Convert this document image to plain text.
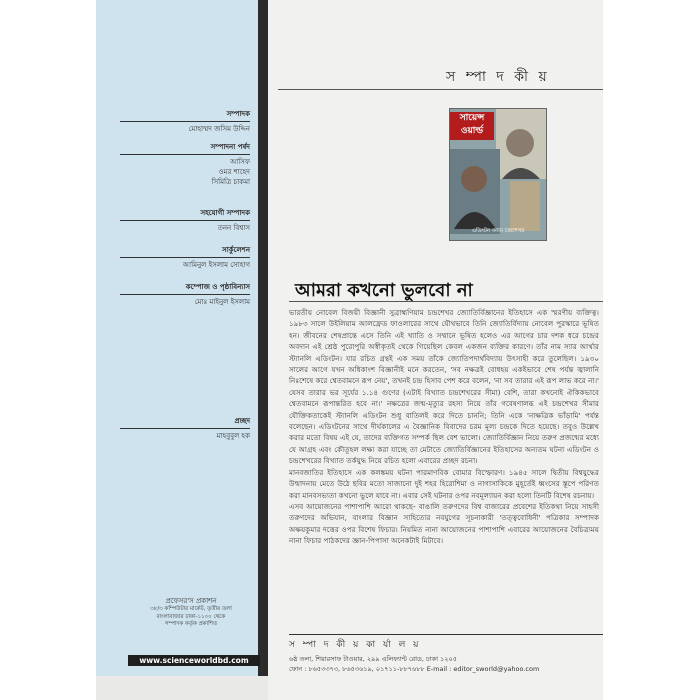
সম্পাদক
মোহাম্মদ জসিম উদ্দিন
সম্পাদনা পর্ষদ
আসিফ
ওমর শাহেদ
সিমিত্রি চাকমা
সহযোগী সম্পাদক
তনন বিশ্বাস
সার্কুলেশন
আমিনুল ইসলাম সোহাগ
কম্পোজ ও পৃষ্ঠাবিন্যাস
মোঃ মাইনুল ইসলাম
প্রচ্ছদ
মাহবুবুল হক
প্রফেসর'স প্রকাশন
৩৮/৩ কম্পিউটার মার্কেট, তৃতীয় তলা
বাংলাবাজার ঢাকা-১১০০ থেকে
সম্পাদক কর্তৃক প্রকাশিত
www.scienceworldbd.com
স ম্পা দ কী য়
সায়েন্স
ওয়ার্ল্ড
এডিংটন বনাম চন্দ্রশেখর
আমরা কখনো ভুলবো না

ভারতীয় নোবেল বিজয়ী বিজ্ঞানী সুব্রাহ্মণিয়াম চন্দ্রশেখর জ্যোতির্বিজ্ঞানের ইতিহাসে এক স্মরণীয় ব্যক্তিত্ব। ১৯৮৩ সালে উইলিয়াম আলফ্রেড ফাওলারের সাথে যৌথভাবে তিনি জ্যোতির্বিদ্যায় নোবেল পুরস্কারে ভূষিত হন। জীবনের শেষপ্রান্তে এসে তিনি এই খ্যাতি ও সম্মানে ভূষিত হলেও এর আগের চার দশক ধরে চন্দ্রের অবদান এই শ্রেষ্ঠ পুরোপুরি অস্বীকৃতই থেকে গিয়েছিল কেবল একজন ব্যক্তির কারণে। তাঁর নাম স্যার আর্থার স্ট্যানলি এডিংটন। যার রচিত গ্রন্থই এক সময় তাঁকে জ্যোতিপদার্থবিদ্যায় উৎসাহী করে তুলেছিল। ১৯৩০ সালের আগে যখন অধিকাংশ বিজ্ঞানীই মনে করতেন, 'সব নক্ষত্রই বোধহয় একইভাবে শেষ পর্যন্ত জ্বালানি নিঃশেষে করে শ্বেতবামনে রূপ নেয়', তখনই চন্দ্র হিসাব পেশ করে বলেন, 'না সব তারার এই রূপ লাভ করে না।' যেসব তারার ভর সূর্যের ১.১৪ গুণের (এটাই বিখ্যাত চন্দ্রশেখরের সীমা) বেশি, তারা কখনোই ঐকিকভাবে শ্বেতবামনে রূপান্তরিত হবে না।' নক্ষত্রের জন্ম-মৃত্যুর রহস্য নিয়ে তাঁর গবেষণালব্ধ এই চন্দ্রশেখর সীমার যৌক্তিকতাকেই স্ট্যানলি এডিংটন শুধু বাতিলই করে দিতে চাননি; তিনি একে 'নাক্ষত্রিক ভাঁড়ামি' পর্যন্ত বলেছেন। এডিংটনের সাথে দীর্ঘকালের এ বৈজ্ঞানিক বিবাদের চরম মূল্য চন্দ্রকে দিতে হয়েছে। তবুও উল্লেখ করার মতো বিষয় এই যে, তাদের ব্যক্তিগত সম্পর্ক ছিল বেশ ভালো। জ্যোতির্বিজ্ঞান নিয়ে তরুণ প্রজন্মের মধ্যে যে আগ্রহ এবং কৌতূহল লক্ষ্য করা যাচ্ছে তা মেটাতে জ্যোতির্বিজ্ঞানের ইতিহাসের অন্যতম ঘটনা এডিংটন ও চন্দ্রশেখরের বিখ্যাত তর্কযুদ্ধ নিয়ে রচিত হলো এবারের প্রচ্ছদ রচনা।

মানবজাতির ইতিহাসে এক কলঙ্কময় ঘটনা পারমাণবিক বোমার বিস্ফোরণ। ১৯৪৫ সালে দ্বিতীয় বিশ্বযুদ্ধের উন্মাদনায় মেতে উঠে ছবির মতো সাজানো দুই শহর হিরোশিমা ও নাগাসাকিকে মুহূর্তেই ধ্বংসের স্তূপে পরিণত করা মানবসভ্যতা কখনো ভুলে যাবে না। এবার সেই ঘটনার ওপর নবমূল্যায়ন করা হলো তিনটি বিশেষ রচনায়।

এসব আয়োজনের পাশাপাশি আরো থাকছে- বাঙালি তরুণদের বিশ্ব বাজারের প্রবেশের ইতিকথা নিয়ে সাহসী তরুণদের অভিযান, বাংলার বিজ্ঞান সাহিত্যের নবযুগের সূচনাকারী 'তত্ত্ববোধিনী' পত্রিকার সম্পাদক অক্ষয়কুমার দত্তের ওপর বিশেষ ফিচার। নিয়মিত নানা আয়োজনের পাশাপাশি এবারের আয়োজনের বৈচিত্র্যময় নানা ফিচার পাঠকদের জ্ঞান-পিপাসা অনেকটাই মিটাবে।

স ম্পা দ কী য় কা র্যা ল য়
৬ষ্ঠ তলা, শিয়ারসাফ টাওয়ার, ২৯৯ এলিফ্যান্ট রোড, ঢাকা ১২০৫
ফোন : ৮৬৫৩৩৭৩, ৮৬৫৩৬১৯, ০১৭১১-৮৮৭৬৮৮ E-mail : editor_sworld@yahoo.com
